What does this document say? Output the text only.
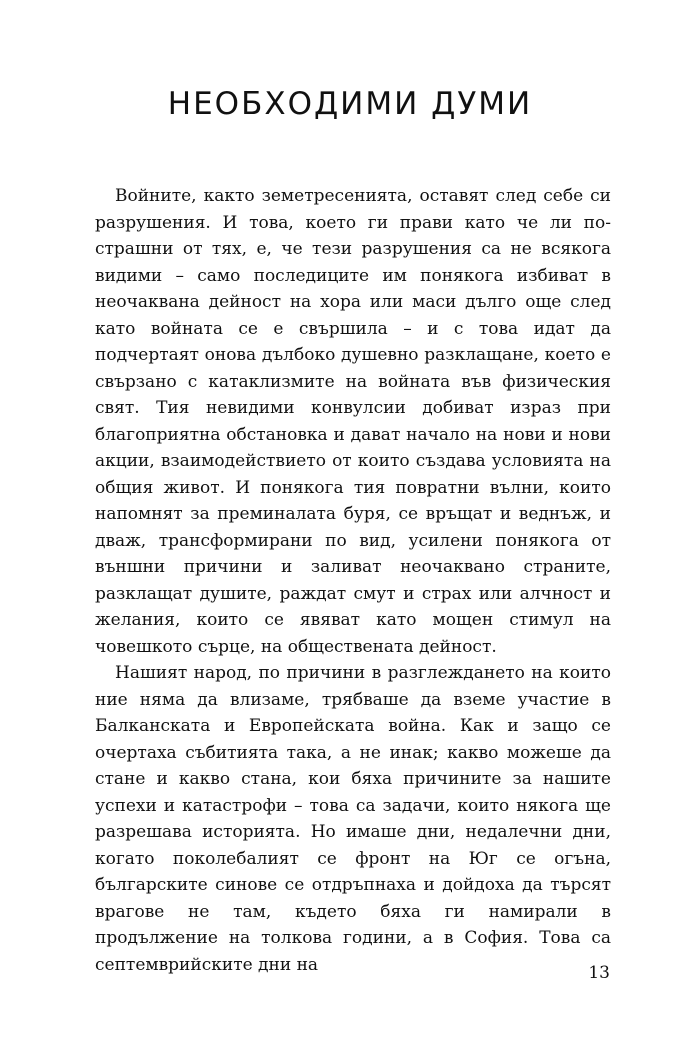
НЕОБХОДИМИ ДУМИ

Войните, както земетресенията, оставят след себе си разрушения. И това, което ги прави като че ли по-страшни от тях, е, че тези разрушения са не всякога видими – само последиците им понякога избиват в неочаквана дейност на хора или маси дълго още след като войната се е свършила – и с това идат да подчертаят онова дълбоко душевно разклащане, което е свързано с катаклизмите на войната във физическия свят. Тия невидими конвулсии добиват израз при благоприятна обстановка и дават начало на нови и нови акции, взаимодействието от които създава условията на общия живот. И понякога тия повратни вълни, които напомнят за преминалата буря, се връщат и веднъж, и двaж, трансформирани по вид, усилени понякога от външни причини и заливат неочаквано страните, разклащат душите, раждат смут и страх или алчност и желания, които се явяват като мощен стимул на човешкото сърце, на обществената дейност.

Нашият народ, по причини в разглеждането на които ние няма да влизаме, трябваше да вземе участие в Балканската и Европейската война. Как и защо се очертаха събитията така, а не инак; какво можеше да стане и какво стана, кои бяха причините за нашите успехи и катастрофи – това са задачи, които някога ще разрешава историята. Но имаше дни, недалечни дни, когато поколебалият се фронт на Юг се огъна, българските синове се отдръпнаха и дойдоха да търсят врагове не там, където бяха ги намирали в продължение на толкова години, а в София. Това са септемврийските дни на	13
